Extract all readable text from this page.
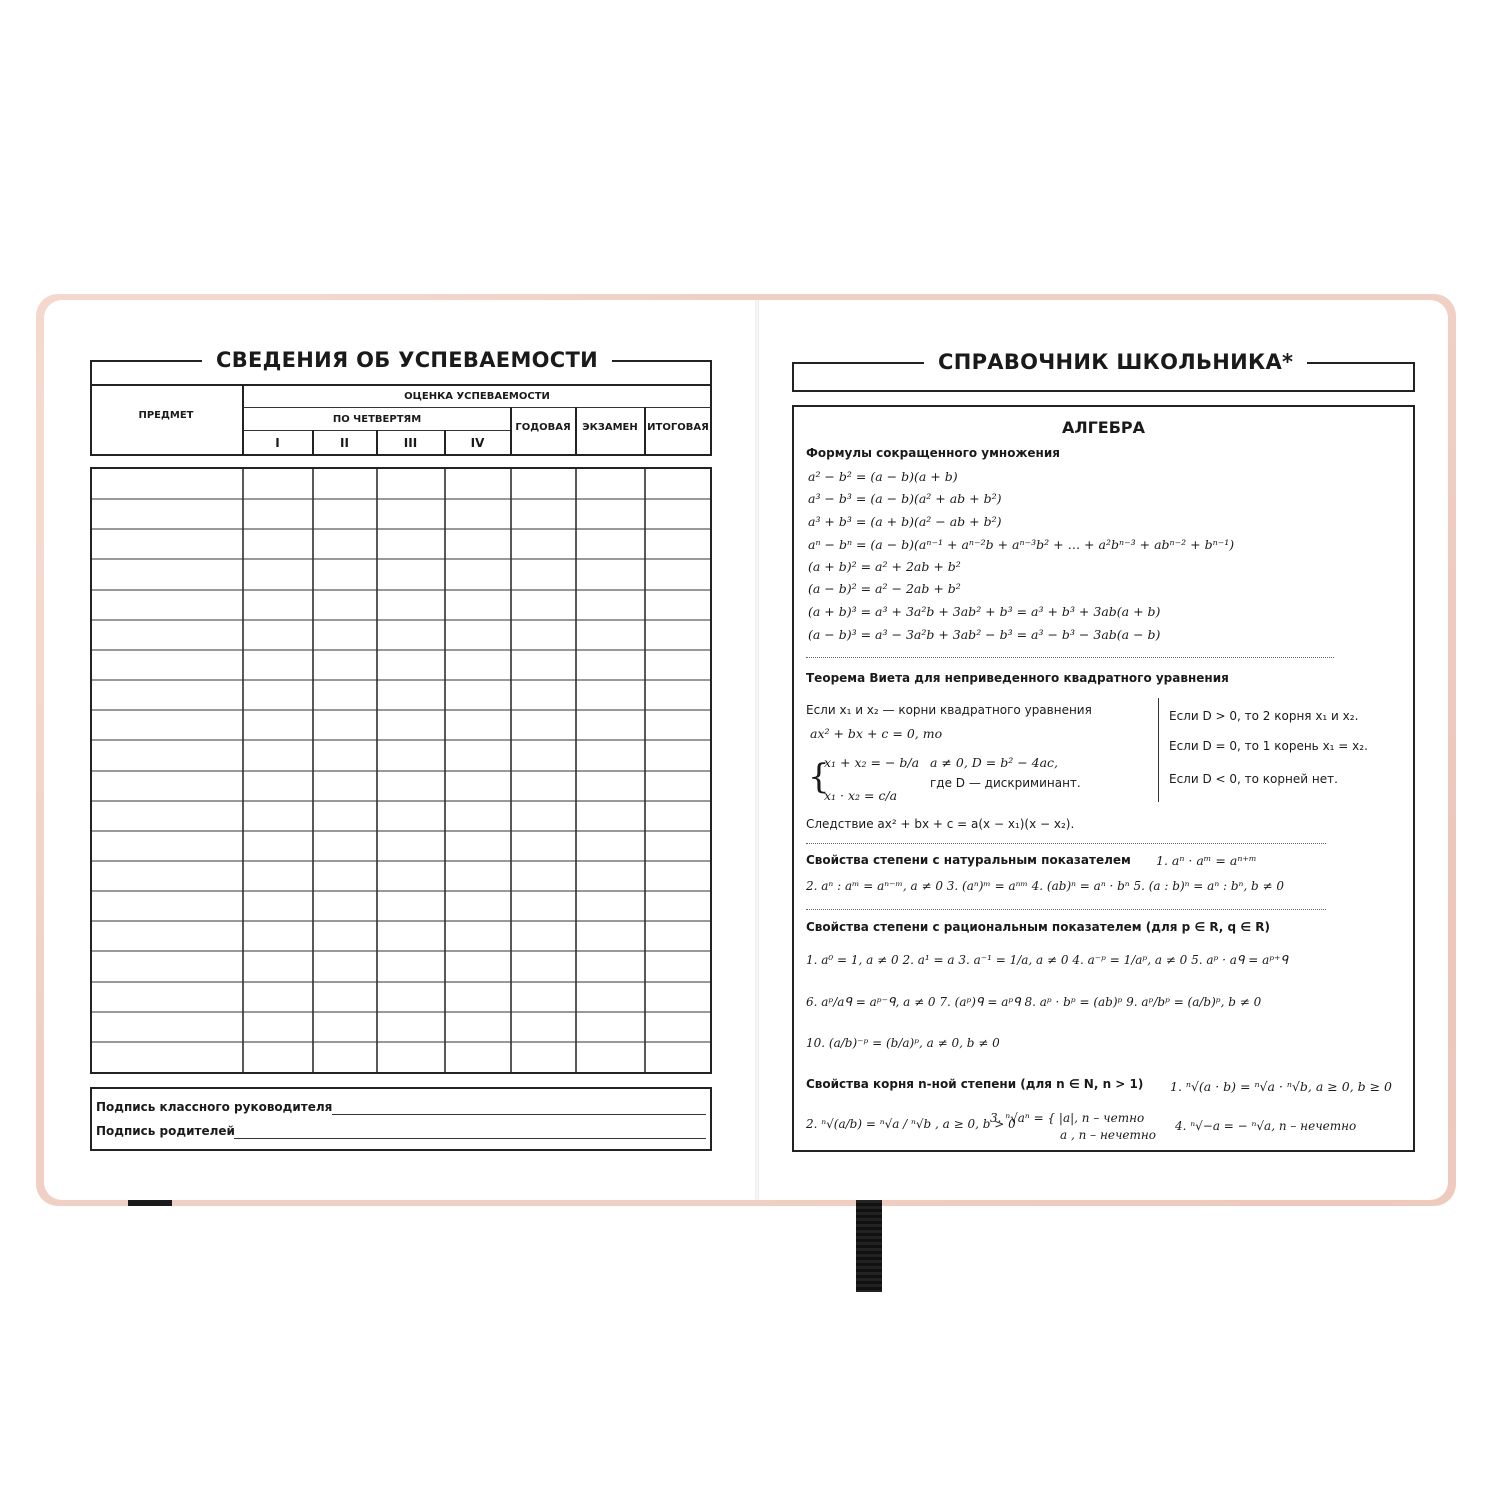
СВЕДЕНИЯ ОБ УСПЕВАЕМОСТИ
ПРЕДМЕТ
ОЦЕНКА УСПЕВАЕМОСТИ
ПО ЧЕТВЕРТЯМ
I	II	III	IV
ГОДОВАЯ	ЭКЗАМЕН ИТОГОВАЯ
Подпись классного руководителя
Подпись родителей
СПРАВОЧНИК ШКОЛЬНИКА*
АЛГЕБРА
Формулы сокращенного умножения
a² − b² = (a − b)(a + b)
a³ − b³ = (a − b)(a² + ab + b²)
a³ + b³ = (a + b)(a² − ab + b²)
aⁿ − bⁿ = (a − b)(aⁿ⁻¹ + aⁿ⁻²b + aⁿ⁻³b² + … + a²bⁿ⁻³ + abⁿ⁻² + bⁿ⁻¹)
(a + b)² = a² + 2ab + b²
(a − b)² = a² − 2ab + b²
(a + b)³ = a³ + 3a²b + 3ab² + b³ = a³ + b³ + 3ab(a + b)
(a − b)³ = a³ − 3a²b + 3ab² − b³ = a³ − b³ − 3ab(a − b)
Теорема Виета для неприведенного квадратного уравнения
Если x₁ и x₂ — корни квадратного уравнения
ax² + bx + c = 0, то
{
x₁ + x₂ = − b/a
x₁ · x₂ = c/a
a ≠ 0, D = b² − 4ac,
где D — дискриминант.
Если D > 0, то 2 корня x₁ и x₂.
Если D = 0, то 1 корень x₁ = x₂.
Если D < 0, то корней нет.
Следствие ax² + bx + c = a(x − x₁)(x − x₂).
Свойства степени с натуральным показателем 1. aⁿ · aᵐ = aⁿ⁺ᵐ
2. aⁿ : aᵐ = aⁿ⁻ᵐ, a ≠ 0 3. (aⁿ)ᵐ = aⁿᵐ 4. (ab)ⁿ = aⁿ · bⁿ 5. (a : b)ⁿ = aⁿ : bⁿ, b ≠ 0
Свойства степени с рациональным показателем (для p ∈ R, q ∈ R)
1. a⁰ = 1, a ≠ 0 2. a¹ = a 3. a⁻¹ = 1/a, a ≠ 0 4. a⁻ᵖ = 1/aᵖ, a ≠ 0 5. aᵖ · aᑫ = aᵖ⁺ᑫ
6. aᵖ/aᑫ = aᵖ⁻ᑫ, a ≠ 0 7. (aᵖ)ᑫ = aᵖᑫ 8. aᵖ · bᵖ = (ab)ᵖ 9. aᵖ/bᵖ = (a/b)ᵖ, b ≠ 0
10. (a/b)⁻ᵖ = (b/a)ᵖ, a ≠ 0, b ≠ 0
Свойства корня n-ной степени (для n ∈ N, n > 1) 1. ⁿ√(a · b) = ⁿ√a · ⁿ√b, a ≥ 0, b ≥ 0
2. ⁿ√(a/b) = ⁿ√a / ⁿ√b , a ≥ 0, b > 0
3. ⁿ√aⁿ = { |a|, n – четно
a , n – нечетно
4. ⁿ√−a = − ⁿ√a, n – нечетно
